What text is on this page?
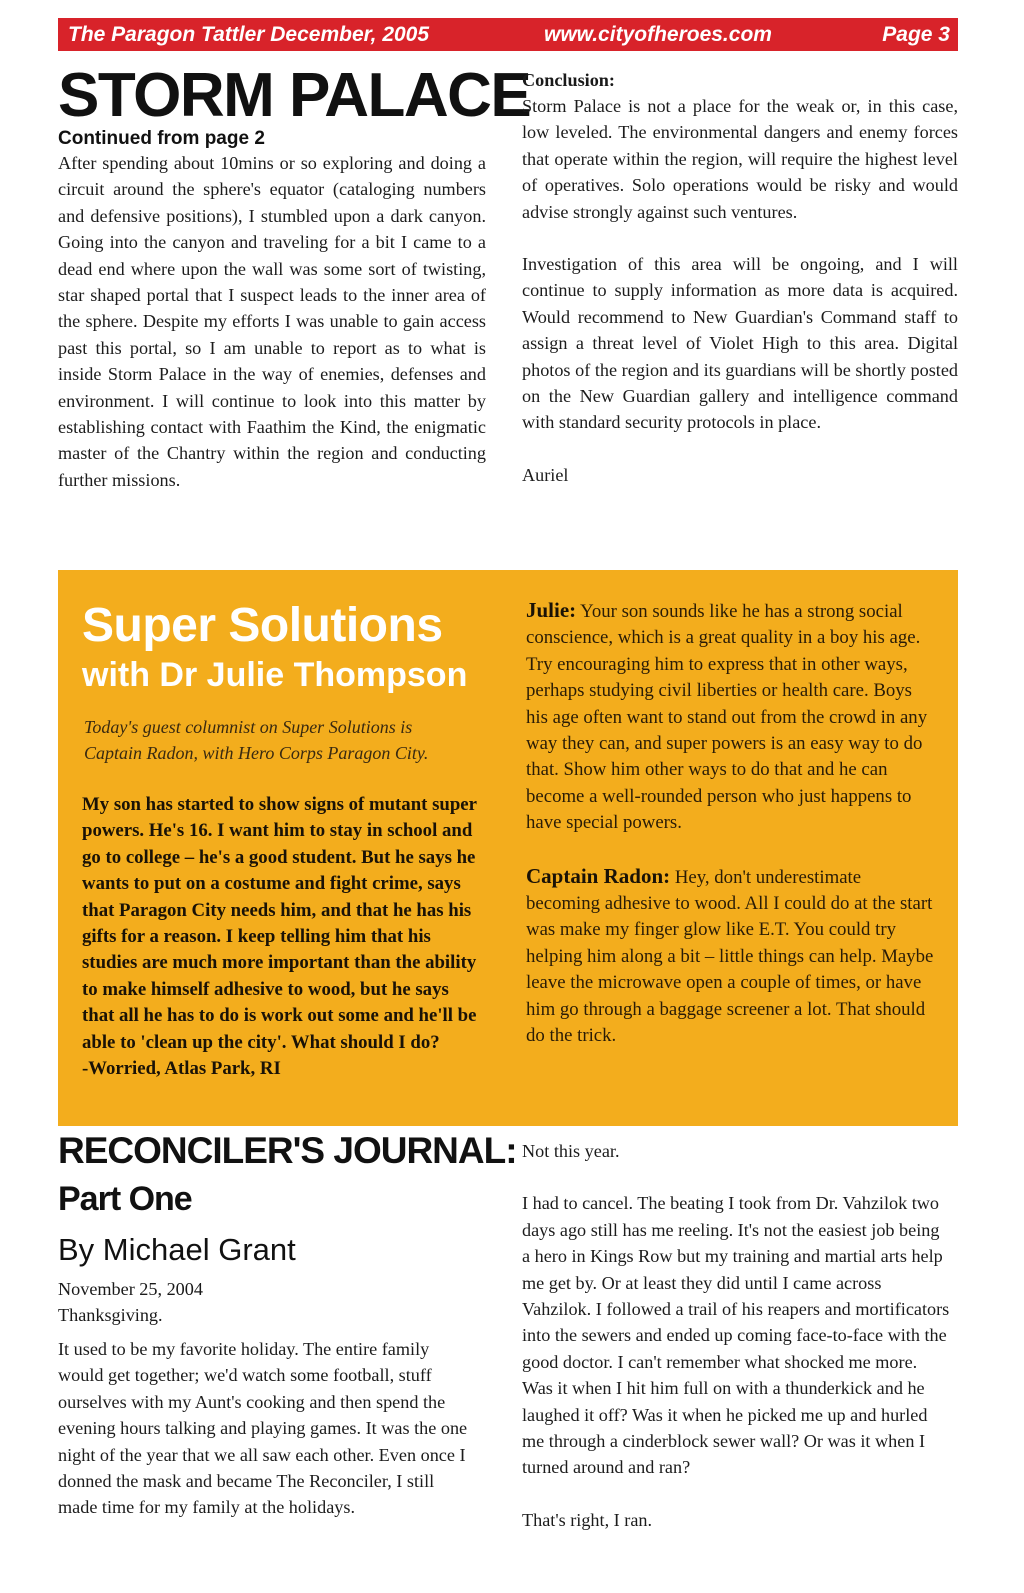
The Paragon Tattler December, 2005	www.cityofheroes.com	Page 3
STORM PALACE
Continued from page 2

After spending about 10mins or so exploring and doing a circuit around the sphere's equator (cataloging numbers and defensive positions), I stumbled upon a dark canyon. Going into the canyon and traveling for a bit I came to a dead end where upon the wall was some sort of twisting, star shaped portal that I suspect leads to the inner area of the sphere. Despite my efforts I was unable to gain access past this portal, so I am unable to report as to what is inside Storm Palace in the way of enemies, defenses and environment. I will continue to look into this matter by establishing contact with Faathim the Kind, the enigmatic master of the Chantry within the region and conducting further missions.

Conclusion:

Storm Palace is not a place for the weak or, in this case, low leveled. The environmental dangers and enemy forces that operate within the region, will require the highest level of operatives. Solo operations would be risky and would advise strongly against such ventures.

Investigation of this area will be ongoing, and I will continue to supply information as more data is acquired. Would recommend to New Guardian's Command staff to assign a threat level of Violet High to this area. Digital photos of the region and its guardians will be shortly posted on the New Guardian gallery and intelligence command with standard security protocols in place.

Auriel

Super Solutions
with Dr Julie Thompson
Today's guest columnist on Super Solutions is Captain Radon, with Hero Corps Paragon City.
My son has started to show signs of mutant super powers. He's 16. I want him to stay in school and go to college – he's a good student. But he says he wants to put on a costume and fight crime, says that Paragon City needs him, and that he has his gifts for a reason. I keep telling him that his studies are much more important than the ability to make himself adhesive to wood, but he says that all he has to do is work out some and he'll be able to 'clean up the city'. What should I do?
-Worried, Atlas Park, RI

Julie: Your son sounds like he has a strong social conscience, which is a great quality in a boy his age. Try encouraging him to express that in other ways, perhaps studying civil liberties or health care. Boys his age often want to stand out from the crowd in any way they can, and super powers is an easy way to do that. Show him other ways to do that and he can become a well-rounded person who just happens to have special powers.

Captain Radon: Hey, don't underestimate becoming adhesive to wood. All I could do at the start was make my finger glow like E.T. You could try helping him along a bit – little things can help. Maybe leave the microwave open a couple of times, or have him go through a baggage screener a lot. That should do the trick.

RECONCILER'S JOURNAL:
Part One
By Michael Grant
November 25, 2004
Thanksgiving.

It used to be my favorite holiday. The entire family would get together; we'd watch some football, stuff ourselves with my Aunt's cooking and then spend the evening hours talking and playing games. It was the one night of the year that we all saw each other. Even once I donned the mask and became The Reconciler, I still made time for my family at the holidays.

Not this year.

I had to cancel. The beating I took from Dr. Vahzilok two days ago still has me reeling. It's not the easiest job being a hero in Kings Row but my training and martial arts help me get by. Or at least they did until I came across Vahzilok. I followed a trail of his reapers and mortificators into the sewers and ended up coming face-to-face with the good doctor. I can't remember what shocked me more. Was it when I hit him full on with a thunderkick and he laughed it off? Was it when he picked me up and hurled me through a cinderblock sewer wall? Or was it when I turned around and ran?

That's right, I ran.
